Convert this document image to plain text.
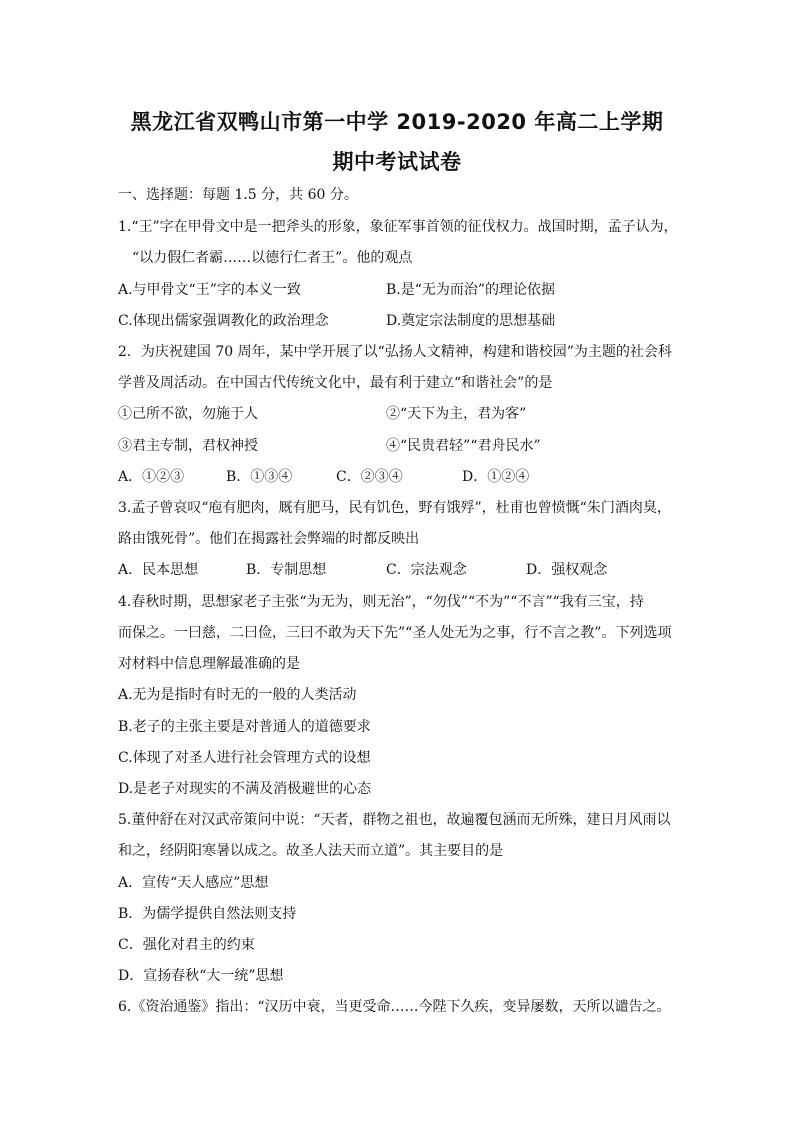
黑龙江省双鸭山市第一中学 2019-2020 年高二上学期
期中考试试卷
一、选择题：每题 1.5 分，共 60 分。
1.“王”字在甲骨文中是一把斧头的形象，象征军事首领的征伐权力。战国时期，孟子认为，
“以力假仁者霸……以德行仁者王”。他的观点
A.与甲骨文“王”字的本义一致	B.是“无为而治”的理论依据
C.体现出儒家强调教化的政治理念	D.奠定宗法制度的思想基础
2．为庆祝建国 70 周年，某中学开展了以“弘扬人文精神，构建和谐校园”为主题的社会科
学普及周活动。在中国古代传统文化中，最有利于建立“和谐社会”的是
①己所不欲，勿施于人	②“天下为主，君为客”
③君主专制，君权神授	④“民贵君轻”“君舟民水”
A．①②③	B．①③④	C．②③④	D．①②④
3.孟子曾哀叹“庖有肥肉，厩有肥马，民有饥色，野有饿殍”，杜甫也曾愤慨“朱门酒肉臭，
路由饿死骨”。他们在揭露社会弊端的时都反映出
A．民本思想	B．专制思想	C．宗法观念	D．强权观念
4.春秋时期，思想家老子主张“为无为，则无治”，“勿伐”“不为”“不言”“我有三宝，持
而保之。一曰慈，二曰俭，三曰不敢为天下先”“圣人处无为之事，行不言之教”。下列选项
对材料中信息理解最准确的是
A.无为是指时有时无的一般的人类活动
B.老子的主张主要是对普通人的道德要求
C.体现了对圣人进行社会管理方式的设想
D.是老子对现实的不满及消极避世的心态
5.董仲舒在对汉武帝策问中说：“天者，群物之祖也，故遍覆包涵而无所殊，建日月风雨以
和之，经阴阳寒暑以成之。故圣人法天而立道”。其主要目的是
A．宣传“天人感应”思想
B．为儒学提供自然法则支持
C．强化对君主的约束
D．宣扬春秋“大一统”思想
6.《资治通鉴》指出：“汉历中衰，当更受命……今陛下久疾，变异屡数，天所以谴告之。
